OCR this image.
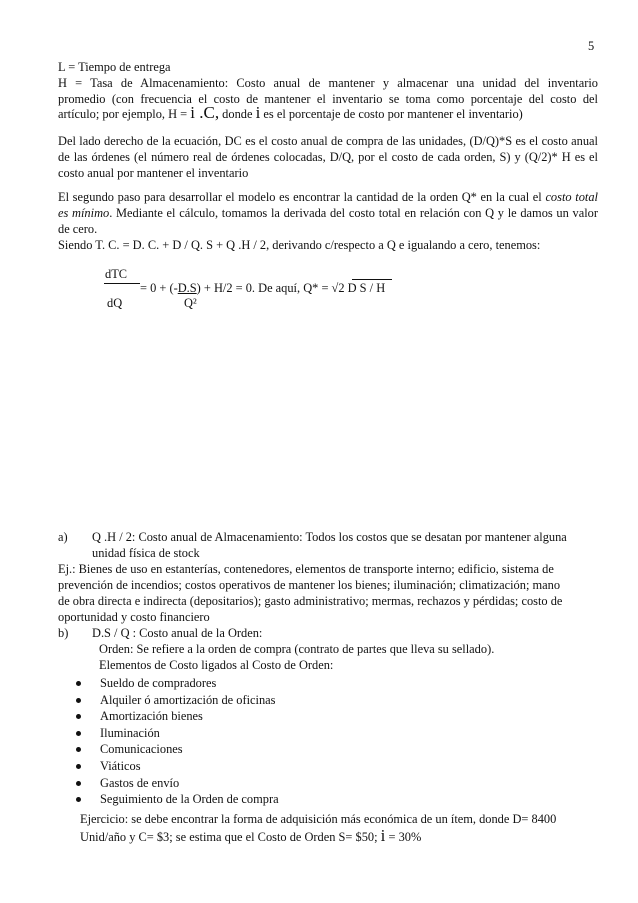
5
L = Tiempo de entrega
H = Tasa de Almacenamiento: Costo anual de mantener y almacenar una unidad del inventario
promedio (con frecuencia el costo de mantener el inventario se toma como porcentaje del costo del
artículo; por ejemplo, H = i .C, donde i es el porcentaje de costo por mantener el inventario)
Del lado derecho de la ecuación, DC es el costo anual de compra de las unidades, (D/Q)*S es el costo anual de las órdenes (el número real de órdenes colocadas, D/Q, por el costo de cada orden, S) y (Q/2)* H es el costo anual por mantener el inventario
El segundo paso para desarrollar el modelo es encontrar la cantidad de la orden Q* en la cual el costo total es mínimo. Mediante el cálculo, tomamos la derivada del costo total en relación con Q y le damos un valor de cero.
Siendo T. C. = D. C. + D / Q. S + Q .H / 2, derivando c/respecto a Q e igualando a cero, tenemos:
dTC
= 0 + (-D.S) + H/2 = 0. De aquí, Q* = √2 D S / H
dQ	Q²
a) Q .H / 2: Costo anual de Almacenamiento: Todos los costos que se desatan por mantener alguna
unidad física de stock
Ej.: Bienes de uso en estanterías, contenedores, elementos de transporte interno; edificio, sistema de
prevención de incendios; costos operativos de mantener los bienes; iluminación; climatización; mano
de obra directa e indirecta (depositarios); gasto administrativo; mermas, rechazos y pérdidas; costo de
oportunidad y costo financiero
b) D.S / Q : Costo anual de la Orden:
Orden: Se refiere a la orden de compra (contrato de partes que lleva su sellado).
Elementos de Costo ligados al Costo de Orden:
Sueldo de compradores
Alquiler ó amortización de oficinas
Amortización bienes
Iluminación
Comunicaciones
Viáticos
Gastos de envío
Seguimiento de la Orden de compra
Ejercicio: se debe encontrar la forma de adquisición más económica de un ítem, donde D= 8400
Unid/año y C= $3; se estima que el Costo de Orden S= $50; i = 30%
